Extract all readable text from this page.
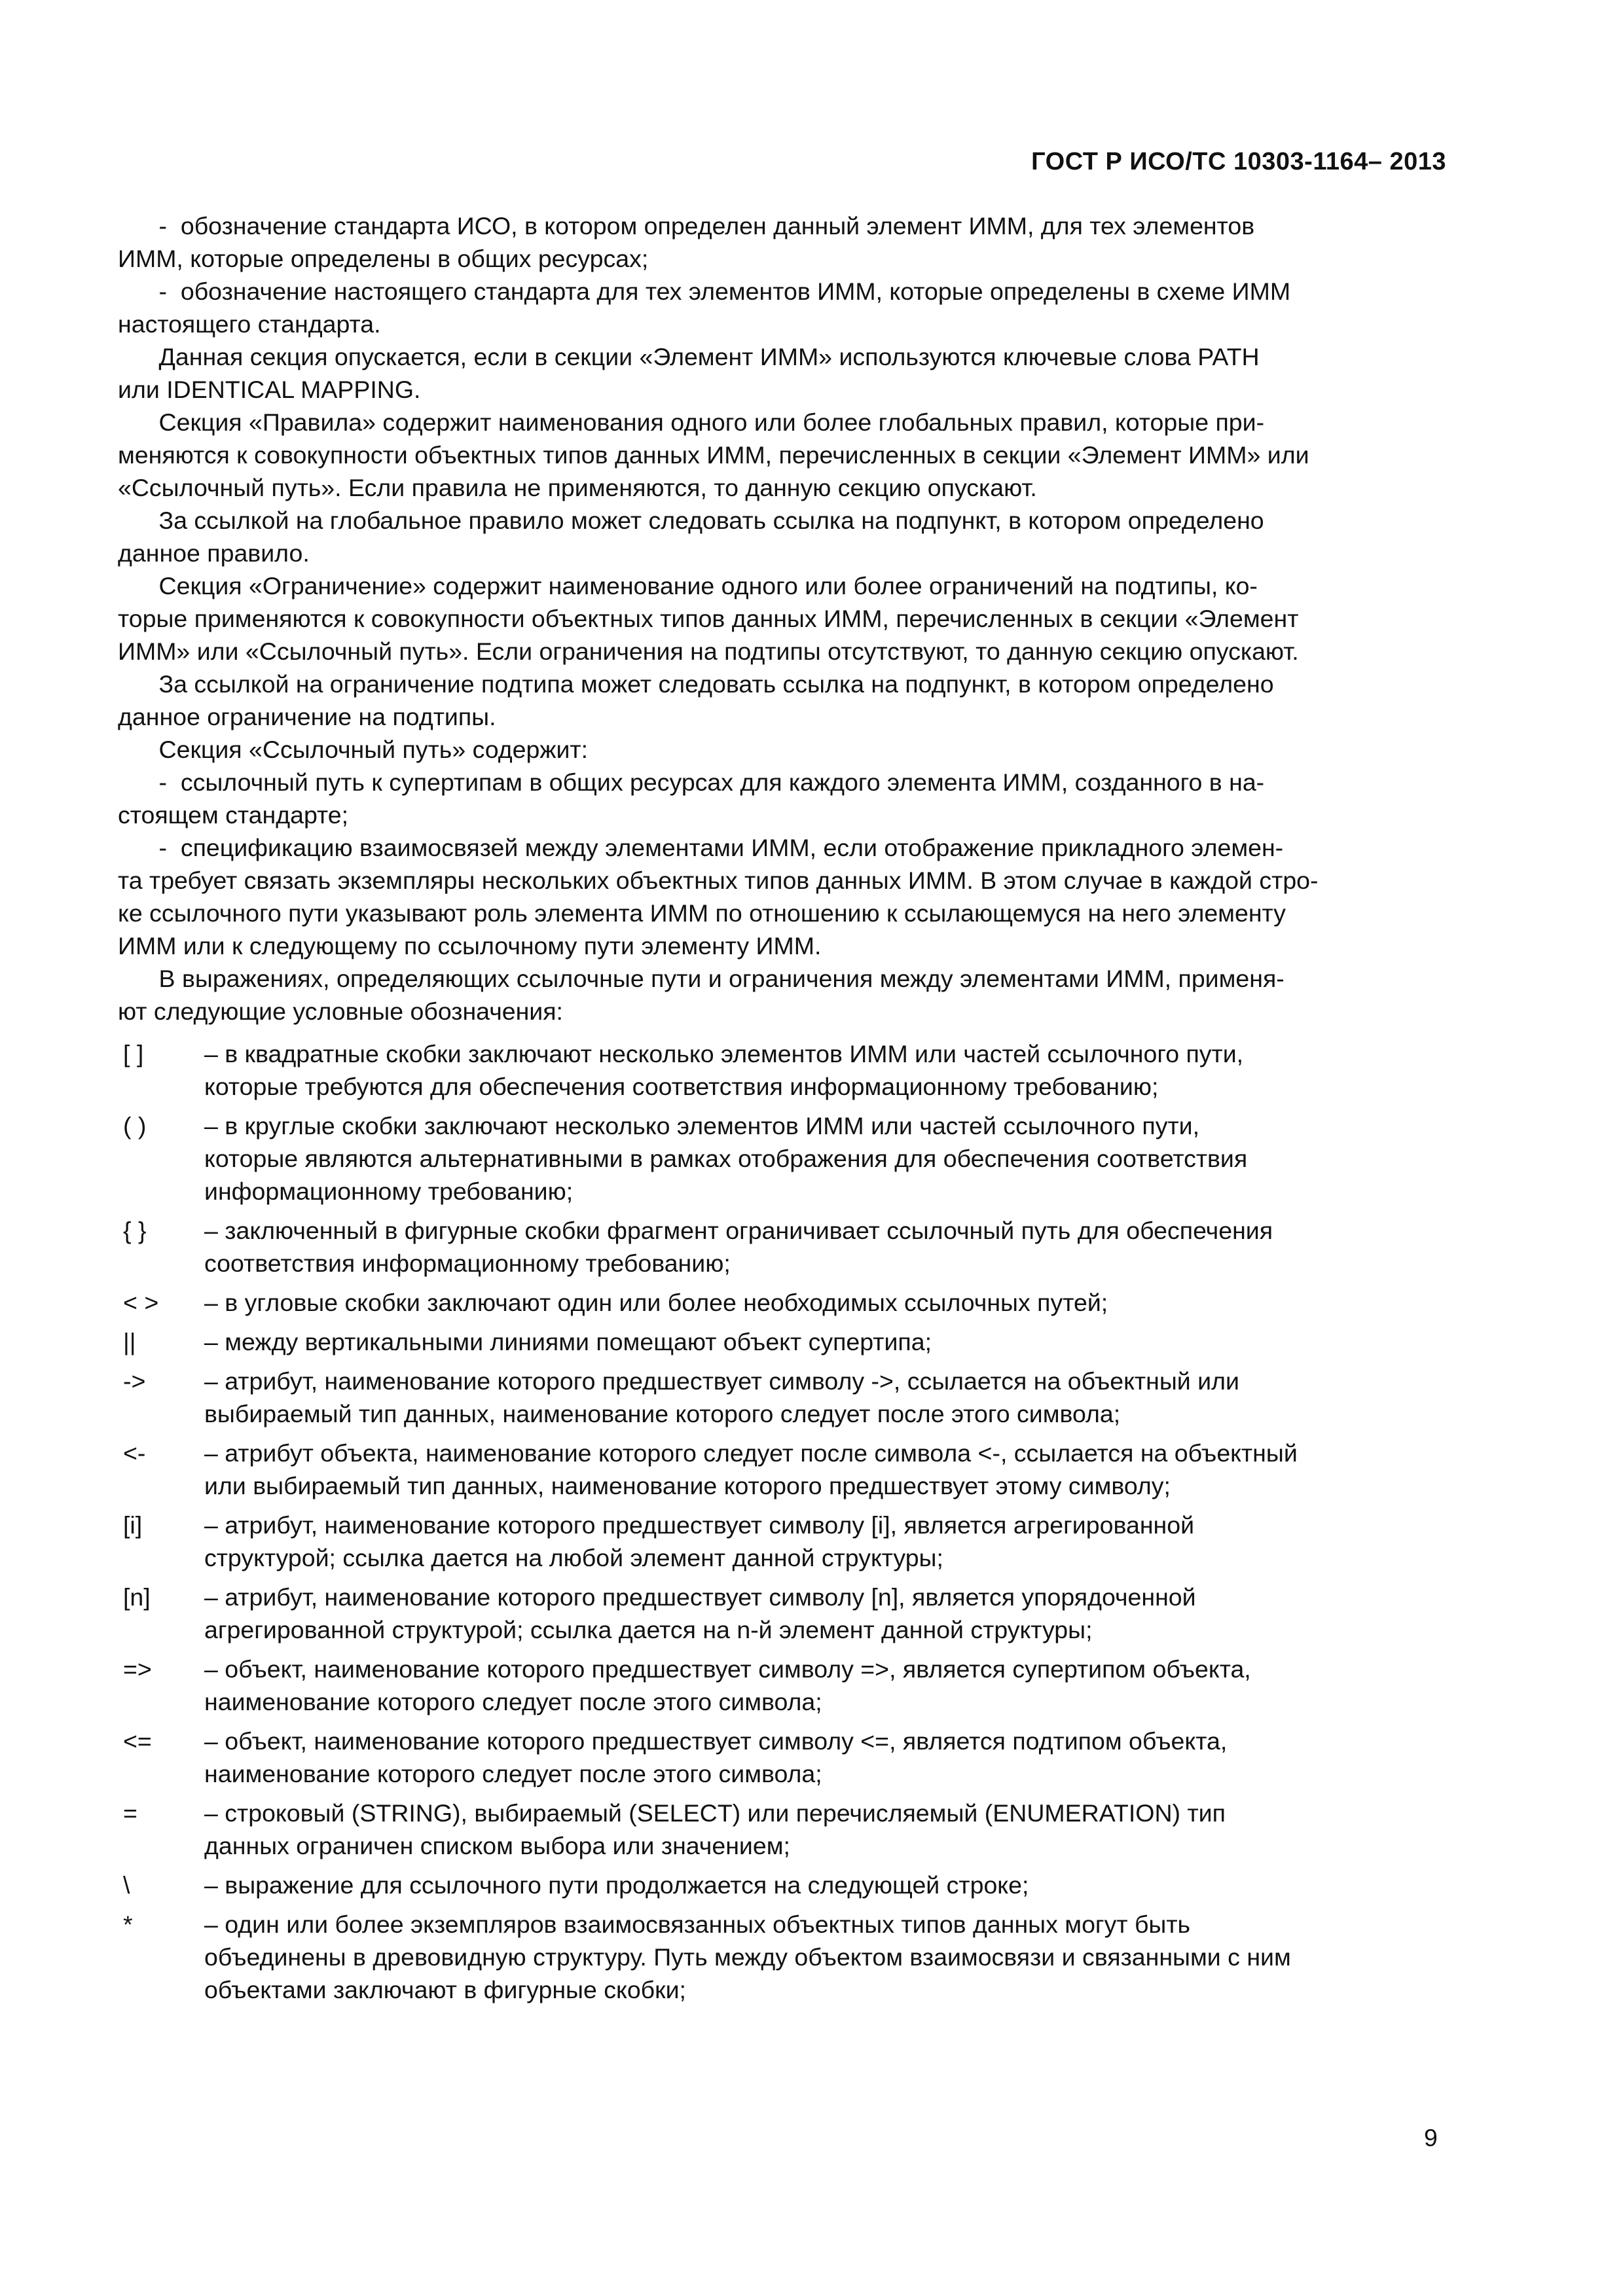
ГОСТ Р ИСО/ТС 10303-1164– 2013
-  обозначение стандарта ИСО, в котором определен данный элемент ИММ, для тех элементов
ИММ, которые определены в общих ресурсах;
-  обозначение настоящего стандарта для тех элементов ИММ, которые определены в схеме ИММ
настоящего стандарта.
Данная секция опускается, если в секции «Элемент ИММ» используются ключевые слова PATH
или IDENTICAL MAPPING.
Секция «Правила» содержит наименования одного или более глобальных правил, которые при-
меняются к совокупности объектных типов данных ИММ, перечисленных в секции «Элемент ИММ» или
«Ссылочный путь». Если правила не применяются, то данную секцию опускают.
За ссылкой на глобальное правило может следовать ссылка на подпункт, в котором определено
данное правило.
Секция «Ограничение» содержит наименование одного или более ограничений на подтипы, ко-
торые применяются к совокупности объектных типов данных ИММ, перечисленных в секции «Элемент
ИММ» или «Ссылочный путь». Если ограничения на подтипы отсутствуют, то данную секцию опускают.
За ссылкой на ограничение подтипа может следовать ссылка на подпункт, в котором определено
данное ограничение на подтипы.
Секция «Ссылочный путь» содержит:
-  ссылочный путь к супертипам в общих ресурсах для каждого элемента ИММ, созданного в на-
стоящем стандарте;
-  спецификацию взаимосвязей между элементами ИММ, если отображение прикладного элемен-
та требует связать экземпляры нескольких объектных типов данных ИММ. В этом случае в каждой стро-
ке ссылочного пути указывают роль элемента ИММ по отношению к ссылающемуся на него элементу
ИММ или к следующему по ссылочному пути элементу ИММ.
В выражениях, определяющих ссылочные пути и ограничения между элементами ИММ, применя-
ют следующие условные обозначения:
[ ]	– в квадратные скобки заключают несколько элементов ИММ или частей ссылочного пути,
которые требуются для обеспечения соответствия информационному требованию;
( )	– в круглые скобки заключают несколько элементов ИММ или частей ссылочного пути,
которые являются альтернативными в рамках отображения для обеспечения соответствия
информационному требованию;
{ }	– заключенный в фигурные скобки фрагмент ограничивает ссылочный путь для обеспечения
соответствия информационному требованию;
< >	– в угловые скобки заключают один или более необходимых ссылочных путей;
||	– между вертикальными линиями помещают объект супертипа;
->	– атрибут, наименование которого предшествует символу ->, ссылается на объектный или
выбираемый тип данных, наименование которого следует после этого символа;
<-	– атрибут объекта, наименование которого следует после символа <-, ссылается на объектный
или выбираемый тип данных, наименование которого предшествует этому символу;
[i]	– атрибут, наименование которого предшествует символу [i], является агрегированной
структурой; ссылка дается на любой элемент данной структуры;
[n]	– атрибут, наименование которого предшествует символу [n], является упорядоченной
агрегированной структурой; ссылка дается на n-й элемент данной структуры;
=>	– объект, наименование которого предшествует символу =>, является супертипом объекта,
наименование которого следует после этого символа;
<=	– объект, наименование которого предшествует символу <=, является подтипом объекта,
наименование которого следует после этого символа;
=	– строковый (STRING), выбираемый (SELECT) или перечисляемый (ENUMERATION) тип
данных ограничен списком выбора или значением;
\	– выражение для ссылочного пути продолжается на следующей строке;
*	– один или более экземпляров взаимосвязанных объектных типов данных могут быть
объединены в древовидную структуру. Путь между объектом взаимосвязи и связанными с ним
объектами заключают в фигурные скобки;
9
